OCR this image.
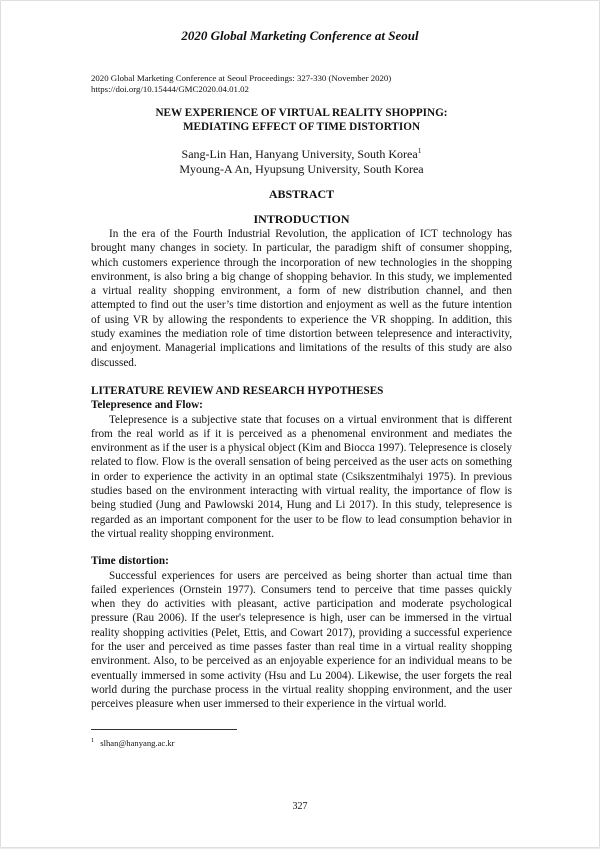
2020 Global Marketing Conference at Seoul
2020 Global Marketing Conference at Seoul Proceedings: 327-330 (November 2020)
https://doi.org/10.15444/GMC2020.04.01.02
NEW EXPERIENCE OF VIRTUAL REALITY SHOPPING:
MEDIATING EFFECT OF TIME DISTORTION
Sang-Lin Han, Hanyang University, South Korea$^1$
Myoung-A An, Hyupsung University, South Korea
ABSTRACT
INTRODUCTION

In the era of the Fourth Industrial Revolution, the application of ICT technology has brought many changes in society. In particular, the paradigm shift of consumer shopping, which customers experience through the incorporation of new technologies in the shopping environment, is also bring a big change of shopping behavior. In this study, we implemented a virtual reality shopping environment, a form of new distribution channel, and then attempted to find out the user’s time distortion and enjoyment as well as the future intention of using VR by allowing the respondents to experience the VR shopping. In addition, this study examines the mediation role of time distortion between telepresence and interactivity, and enjoyment. Managerial implications and limitations of the results of this study are also discussed.

LITERATURE REVIEW AND RESEARCH HYPOTHESES
Telepresence and Flow:

Telepresence is a subjective state that focuses on a virtual environment that is different from the real world as if it is perceived as a phenomenal environment and mediates the environment as if the user is a physical object (Kim and Biocca 1997). Telepresence is closely related to flow. Flow is the overall sensation of being perceived as the user acts on something in order to experience the activity in an optimal state (Csikszentmihalyi 1975). In previous studies based on the environment interacting with virtual reality, the importance of flow is being studied (Jung and Pawlowski 2014, Hung and Li 2017). In this study, telepresence is regarded as an important component for the user to be flow to lead consumption behavior in the virtual reality shopping environment.

Time distortion:

Successful experiences for users are perceived as being shorter than actual time than failed experiences (Ornstein 1977). Consumers tend to perceive that time passes quickly when they do activities with pleasant, active participation and moderate psychological pressure (Rau 2006). If the user's telepresence is high, user can be immersed in the virtual reality shopping activities (Pelet, Ettis, and Cowart 2017), providing a successful experience for the user and perceived as time passes faster than real time in a virtual reality shopping environment. Also, to be perceived as an enjoyable experience for an individual means to be eventually immersed in some activity (Hsu and Lu 2004). Likewise, the user forgets the real world during the purchase process in the virtual reality shopping environment, and the user perceives pleasure when user immersed to their experience in the virtual world.

$^1$ slhan@hanyang.ac.kr
327
